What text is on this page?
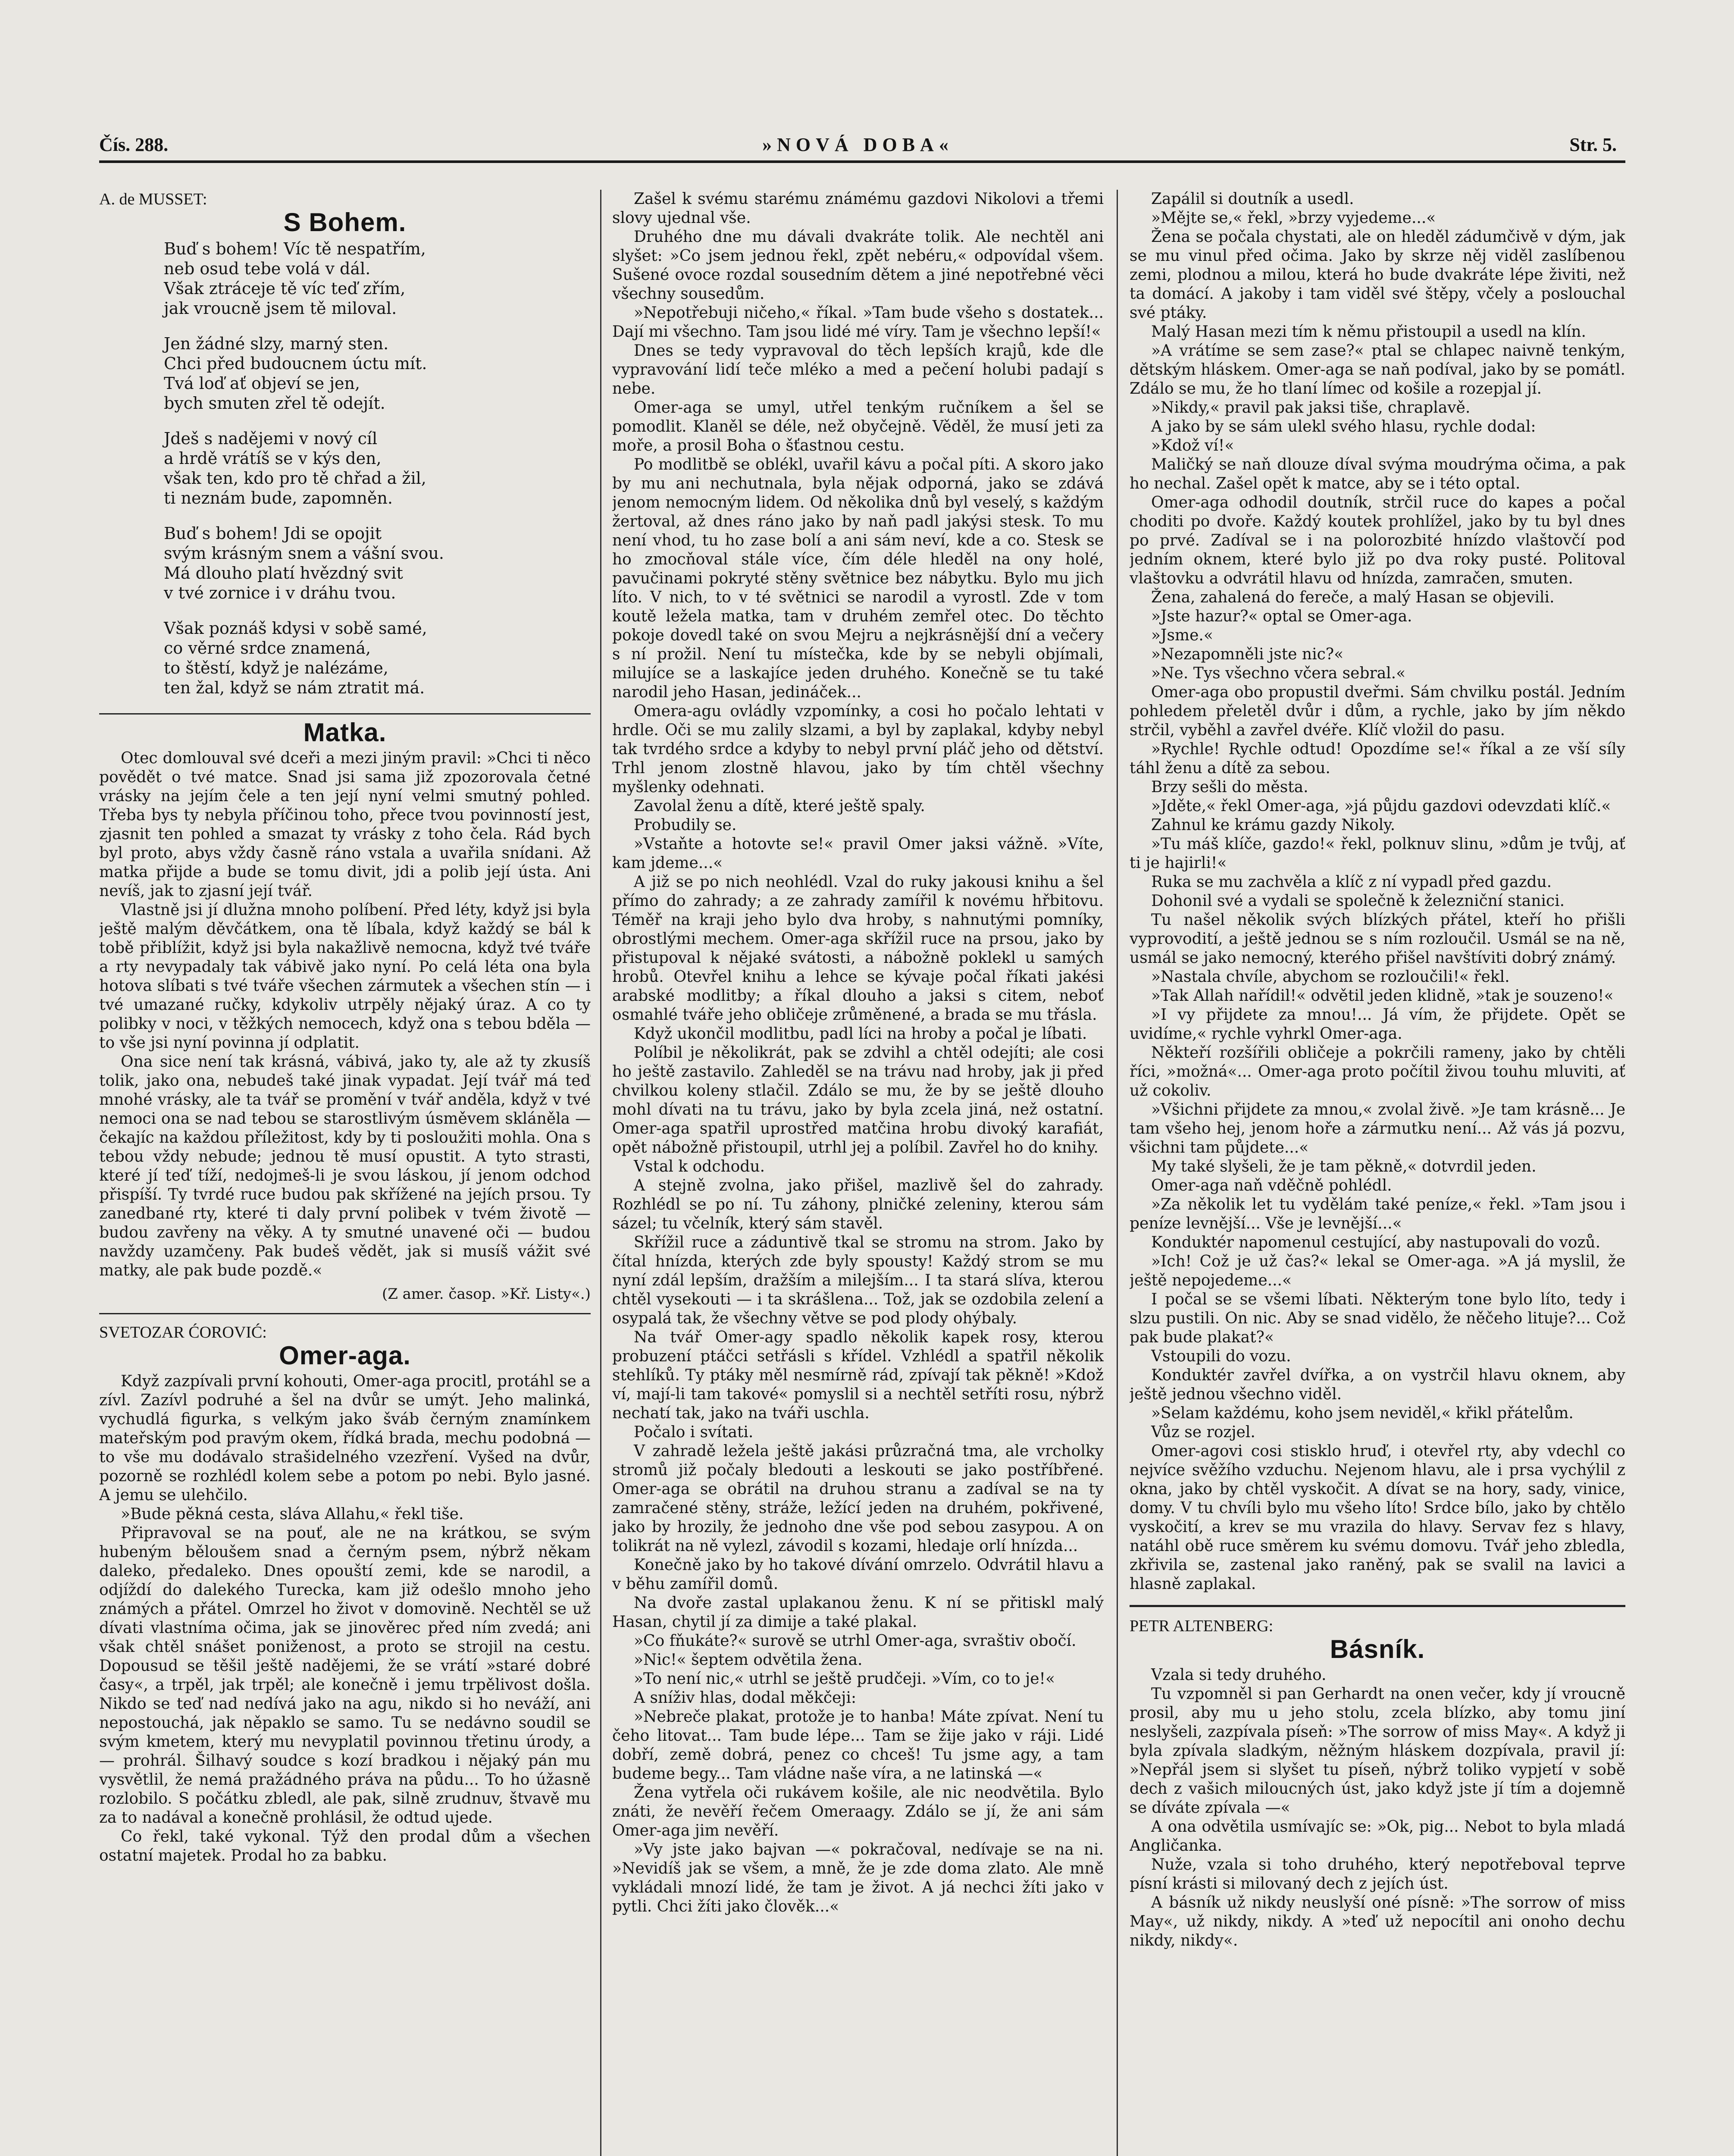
Čís. 288.	»NOVÁ DOBA«	Str. 5.
A. de MUSSET:
S Bohem.

Buď s bohem! Víc tě nespatřím,

neb osud tebe volá v dál.

Však ztráceje tě víc teď zřím,

jak vroucně jsem tě miloval.

Jen žádné slzy, marný sten.

Chci před budoucnem úctu mít.

Tvá loď ať objeví se jen,

bych smuten zřel tě odejít.

Jdeš s nadějemi v nový cíl

a hrdě vrátíš se v kýs den,

však ten, kdo pro tě chřad a žil,

ti neznám bude, zapomněn.

Buď s bohem! Jdi se opojit

svým krásným snem a vášní svou.

Má dlouho platí hvězdný svit

v tvé zornice i v dráhu tvou.

Však poznáš kdysi v sobě samé,

co věrné srdce znamená,

to štěstí, když je nalézáme,

ten žal, když se nám ztratit má.

Matka.

Otec domlouval své dceři a mezi jiným pravil: »Chci ti něco povědět o tvé matce. Snad jsi sama již zpozorovala četné vrásky na jejím čele a ten její nyní velmi smutný pohled. Třeba bys ty nebyla příčinou toho, přece tvou povinností jest, zjasnit ten pohled a smazat ty vrásky z toho čela. Rád bych byl proto, abys vždy časně ráno vstala a uvařila snídani. Až matka přijde a bude se tomu divit, jdi a polib její ústa. Ani nevíš, jak to zjasní její tvář.

Vlastně jsi jí dlužna mnoho políbení. Před léty, když jsi byla ještě malým děvčátkem, ona tě líbala, když každý se bál k tobě přiblížit, když jsi byla nakažlivě nemocna, když tvé tváře a rty nevypadaly tak vábivě jako nyní. Po celá léta ona byla hotova slíbati s tvé tváře všechen zármutek a všechen stín — i tvé umazané ručky, kdykoliv utrpěly nějaký úraz. A co ty polibky v noci, v těžkých nemocech, když ona s tebou bděla — to vše jsi nyní povinna jí odplatit.

Ona sice není tak krásná, vábivá, jako ty, ale až ty zkusíš tolik, jako ona, nebudeš také jinak vypadat. Její tvář má teď mnohé vrásky, ale ta tvář se promění v tvář anděla, když v tvé nemoci ona se nad tebou se starostlivým úsměvem skláněla — čekajíc na každou příležitost, kdy by ti posloužiti mohla. Ona s tebou vždy nebude; jednou tě musí opustit. A tyto strasti, které jí teď tíží, nedojmeš-li je svou láskou, jí jenom odchod přispíší. Ty tvrdé ruce budou pak skřížené na jejích prsou. Ty zanedbané rty, které ti daly první polibek v tvém životě — budou zavřeny na věky. A ty smutné unavené oči — budou navždy uzamčeny. Pak budeš vědět, jak si musíš vážit své matky, ale pak bude pozdě.«

(Z amer. časop. »Kř. Listy«.)
SVETOZAR ĆOROVIĆ:
Omer-aga.

Když zazpívali první kohouti, Omer-aga procitl, protáhl se a zívl. Zazívl podruhé a šel na dvůr se umýt. Jeho malinká, vychudlá figurka, s velkým jako šváb černým znamínkem mateřským pod pravým okem, řídká brada, mechu podobná — to vše mu dodávalo strašidelného vzezření. Vyšed na dvůr, pozorně se rozhlédl kolem sebe a potom po nebi. Bylo jasné. A jemu se ulehčilo.

»Bude pěkná cesta, sláva Allahu,« řekl tiše.

Připravoval se na pouť, ale ne na krátkou, se svým hubeným běloušem snad a černým psem, nýbrž někam daleko, předaleko. Dnes opouští zemi, kde se narodil, a odjíždí do dalekého Turecka, kam již odešlo mnoho jeho známých a přátel. Omrzel ho život v domovině. Nechtěl se už dívati vlastníma očima, jak se jinověrec před ním zvedá; ani však chtěl snášet poniženost, a proto se strojil na cestu. Dopousud se těšil ještě nadějemi, že se vrátí »staré dobré časy«, a trpěl, jak trpěl; ale konečně i jemu trpělivost došla. Nikdo se teď nad nedívá jako na agu, nikdo si ho neváží, ani nepostouchá, jak něpaklo se samo. Tu se nedávno soudil se svým kmetem, který mu nevyplatil povinnou třetinu úrody, a — prohrál. Šilhavý soudce s kozí bradkou i nějaký pán mu vysvětlil, že nemá pražádného práva na půdu... To ho úžasně rozlobilo. S počátku zbledl, ale pak, silně zrudnuv, štvavě mu za to nadával a konečně prohlásil, že odtud ujede.

Co řekl, také vykonal. Týž den prodal dům a všechen ostatní majetek. Prodal ho za babku.

Zašel k svému starému známému gazdovi Nikolovi a třemi slovy ujednal vše.

Druhého dne mu dávali dvakráte tolik. Ale nechtěl ani slyšet: »Co jsem jednou řekl, zpět nebéru,« odpovídal všem. Sušené ovoce rozdal sousedním dětem a jiné nepotřebné věci všechny sousedům.

»Nepotřebuji ničeho,« říkal. »Tam bude všeho s dostatek... Dají mi všechno. Tam jsou lidé mé víry. Tam je všechno lepší!«

Dnes se tedy vypravoval do těch lepších krajů, kde dle vypravování lidí teče mléko a med a pečení holubi padají s nebe.

Omer-aga se umyl, utřel tenkým ručníkem a šel se pomodlit. Klaněl se déle, než obyčejně. Věděl, že musí jeti za moře, a prosil Boha o šťastnou cestu.

Po modlitbě se oblékl, uvařil kávu a počal píti. A skoro jako by mu ani nechutnala, byla nějak odporná, jako se zdává jenom nemocným lidem. Od několika dnů byl veselý, s každým žertoval, až dnes ráno jako by naň padl jakýsi stesk. To mu není vhod, tu ho zase bolí a ani sám neví, kde a co. Stesk se ho zmocňoval stále více, čím déle hleděl na ony holé, pavučinami pokryté stěny světnice bez nábytku. Bylo mu jich líto. V nich, to v té světnici se narodil a vyrostl. Zde v tom koutě ležela matka, tam v druhém zemřel otec. Do těchto pokoje dovedl také on svou Mejru a nejkrásnější dní a večery s ní prožil. Není tu místečka, kde by se nebyli objímali, milujíce se a laskajíce jeden druhého. Konečně se tu také narodil jeho Hasan, jedináček...

Omera-agu ovládly vzpomínky, a cosi ho počalo lehtati v hrdle. Oči se mu zalily slzami, a byl by zaplakal, kdyby nebyl tak tvrdého srdce a kdyby to nebyl první pláč jeho od dětství. Trhl jenom zlostně hlavou, jako by tím chtěl všechny myšlenky odehnati.

Zavolal ženu a dítě, které ještě spaly.

Probudily se.

»Vstaňte a hotovte se!« pravil Omer jaksi vážně. »Víte, kam jdeme...«

A již se po nich neohlédl. Vzal do ruky jakousi knihu a šel přímo do zahrady; a ze zahrady zamířil k novému hřbitovu. Téměř na kraji jeho bylo dva hroby, s nahnutými pomníky, obrostlými mechem. Omer-aga skřížil ruce na prsou, jako by přistupoval k nějaké svátosti, a nábožně poklekl u samých hrobů. Otevřel knihu a lehce se kývaje počal říkati jakési arabské modlitby; a říkal dlouho a jaksi s citem, neboť osmahlé tváře jeho obličeje zrůměnené, a brada se mu třásla.

Když ukončil modlitbu, padl líci na hroby a počal je líbati.

Políbil je několikrát, pak se zdvihl a chtěl odejíti; ale cosi ho ještě zastavilo. Zahleděl se na trávu nad hroby, jak ji před chvilkou koleny stlačil. Zdálo se mu, že by se ještě dlouho mohl dívati na tu trávu, jako by byla zcela jiná, než ostatní. Omer-aga spatřil uprostřed matčina hrobu divoký karafiát, opět nábožně přistoupil, utrhl jej a políbil. Zavřel ho do knihy.

Vstal k odchodu.

A stejně zvolna, jako přišel, mazlivě šel do zahrady. Rozhlédl se po ní. Tu záhony, plničké zeleniny, kterou sám sázel; tu včelník, který sám stavěl.

Skřížil ruce a záduntivě tkal se stromu na strom. Jako by čítal hnízda, kterých zde byly spousty! Každý strom se mu nyní zdál lepším, dražším a milejším... I ta stará slíva, kterou chtěl vysekouti — i ta skrášlena... Tož, jak se ozdobila zelení a osypalá tak, že všechny větve se pod plody ohýbaly.

Na tvář Omer-agy spadlo několik kapek rosy, kterou probuzení ptáčci setřásli s křídel. Vzhlédl a spatřil několik stehlíků. Ty ptáky měl nesmírně rád, zpívají tak pěkně! »Kdož ví, mají-li tam takové« pomyslil si a nechtěl setříti rosu, nýbrž nechatí tak, jako na tváři uschla.

Počalo i svítati.

V zahradě ležela ještě jakási průzračná tma, ale vrcholky stromů již počaly bledouti a leskouti se jako postříbřené. Omer-aga se obrátil na druhou stranu a zadíval se na ty zamračené stěny, stráže, ležící jeden na druhém, pokřivené, jako by hrozily, že jednoho dne vše pod sebou zasypou. A on tolikrát na ně vylezl, závodil s kozami, hledaje orlí hnízda...

Konečně jako by ho takové dívání omrzelo. Odvrátil hlavu a v běhu zamířil domů.

Na dvoře zastal uplakanou ženu. K ní se přitiskl malý Hasan, chytil jí za dimije a také plakal.

»Co fňukáte?« surově se utrhl Omer-aga, svraštiv obočí.

»Nic!« šeptem odvětila žena.

»To není nic,« utrhl se ještě prudčeji. »Vím, co to je!«

A sníživ hlas, dodal měkčeji:

»Nebreče plakat, protože je to hanba! Máte zpívat. Není tu čeho litovat... Tam bude lépe... Tam se žije jako v ráji. Lidé dobří, země dobrá, penez co chceš! Tu jsme agy, a tam budeme begy... Tam vládne naše víra, a ne latinská —«

Žena vytřela oči rukávem košile, ale nic neodvětila. Bylo znáti, že nevěří řečem Omeraagy. Zdálo se jí, že ani sám Omer-aga jim nevěří.

»Vy jste jako bajvan —« pokračoval, nedívaje se na ni. »Nevidíš jak se všem, a mně, že je zde doma zlato. Ale mně vykládali mnozí lidé, že tam je život. A já nechci žíti jako v pytli. Chci žíti jako člověk...«

Zapálil si doutník a usedl.

»Mějte se,« řekl, »brzy vyjedeme...«

Žena se počala chystati, ale on hleděl zádumčivě v dým, jak se mu vinul před očima. Jako by skrze něj viděl zaslíbenou zemi, plodnou a milou, která ho bude dvakráte lépe živiti, než ta domácí. A jakoby i tam viděl své štěpy, včely a poslouchal své ptáky.

Malý Hasan mezi tím k němu přistoupil a usedl na klín.

»A vrátíme se sem zase?« ptal se chlapec naivně tenkým, dětským hláskem. Omer-aga se naň podíval, jako by se pomátl. Zdálo se mu, že ho tlaní límec od košile a rozepjal jí.

»Nikdy,« pravil pak jaksi tiše, chraplavě.

A jako by se sám ulekl svého hlasu, rychle dodal:

»Kdož ví!«

Maličký se naň dlouze díval svýma moudrýma očima, a pak ho nechal. Zašel opět k matce, aby se i této optal.

Omer-aga odhodil doutník, strčil ruce do kapes a počal choditi po dvoře. Každý koutek prohlížel, jako by tu byl dnes po prvé. Zadíval se i na polorozbité hnízdo vlaštovčí pod jedním oknem, které bylo již po dva roky pusté. Politoval vlaštovku a odvrátil hlavu od hnízda, zamračen, smuten.

Žena, zahalená do fereče, a malý Hasan se objevili.

»Jste hazur?« optal se Omer-aga.

»Jsme.«

»Nezapomněli jste nic?«

»Ne. Tys všechno včera sebral.«

Omer-aga obo propustil dveřmi. Sám chvilku postál. Jedním pohledem přeletěl dvůr i dům, a rychle, jako by jím někdo strčil, vyběhl a zavřel dvéře. Klíč vložil do pasu.

»Rychle! Rychle odtud! Opozdíme se!« říkal a ze vší síly táhl ženu a dítě za sebou.

Brzy sešli do města.

»Jděte,« řekl Omer-aga, »já půjdu gazdovi odevzdati klíč.«

Zahnul ke krámu gazdy Nikoly.

»Tu máš klíče, gazdo!« řekl, polknuv slinu, »dům je tvůj, ať ti je hajirli!«

Ruka se mu zachvěla a klíč z ní vypadl před gazdu.

Dohonil své a vydali se společně k železniční stanici.

Tu našel několik svých blízkých přátel, kteří ho přišli vyprovodití, a ještě jednou se s ním rozloučil. Usmál se na ně, usmál se jako nemocný, kterého přišel navštíviti dobrý známý.

»Nastala chvíle, abychom se rozloučili!« řekl.

»Tak Allah nařídil!« odvětil jeden klidně, »tak je souzeno!«

»I vy přijdete za mnou!... Já vím, že přijdete. Opět se uvidíme,« rychle vyhrkl Omer-aga.

Někteří rozšířili obličeje a pokrčili rameny, jako by chtěli říci, »možná«... Omer-aga proto počítil živou touhu mluviti, ať už cokoliv.

»Všichni přijdete za mnou,« zvolal živě. »Je tam krásně... Je tam všeho hej, jenom hoře a zármutku není... Až vás já pozvu, všichni tam půjdete...«

My také slyšeli, že je tam pěkně,« dotvrdil jeden.

Omer-aga naň vděčně pohlédl.

»Za několik let tu vydělám také peníze,« řekl. »Tam jsou i peníze levnější... Vše je levnější...«

Konduktér napomenul cestující, aby nastupovali do vozů.

»Ich! Což je už čas?« lekal se Omer-aga. »A já myslil, že ještě nepojedeme...«

I počal se se všemi líbati. Některým tone bylo líto, tedy i slzu pustili. On nic. Aby se snad vidělo, že něčeho lituje?... Což pak bude plakat?«

Vstoupili do vozu.

Konduktér zavřel dvířka, a on vystrčil hlavu oknem, aby ještě jednou všechno viděl.

»Selam každému, koho jsem neviděl,« křikl přátelům.

Vůz se rozjel.

Omer-agovi cosi stisklo hruď, i otevřel rty, aby vdechl co nejvíce svěžího vzduchu. Nejenom hlavu, ale i prsa vychýlil z okna, jako by chtěl vyskočit. A dívat se na hory, sady, vinice, domy. V tu chvíli bylo mu všeho líto! Srdce bílo, jako by chtělo vyskočití, a krev se mu vrazila do hlavy. Servav fez s hlavy, natáhl obě ruce směrem ku svému domovu. Tvář jeho zbledla, zkřivila se, zastenal jako raněný, pak se svalil na lavici a hlasně zaplakal.

PETR ALTENBERG:
Básník.

Vzala si tedy druhého.

Tu vzpomněl si pan Gerhardt na onen večer, kdy jí vroucně prosil, aby mu u jeho stolu, zcela blízko, aby tomu jiní neslyšeli, zazpívala píseň: »The sorrow of miss May«. A když ji byla zpívala sladkým, něžným hláskem dozpívala, pravil jí: »Nepřál jsem si slyšet tu píseň, nýbrž toliko vypjetí v sobě dech z vašich miloucných úst, jako když jste jí tím a dojemně se díváte zpívala —«

A ona odvětila usmívajíc se: »Ok, pig... Nebot to byla mladá Angličanka.

Nuže, vzala si toho druhého, který nepotřeboval teprve písní krásti si milovaný dech z jejích úst.

A básník už nikdy neuslyší oné písně: »The sorrow of miss May«, už nikdy, nikdy. A »teď už nepocítil ani onoho dechu nikdy, nikdy«.
